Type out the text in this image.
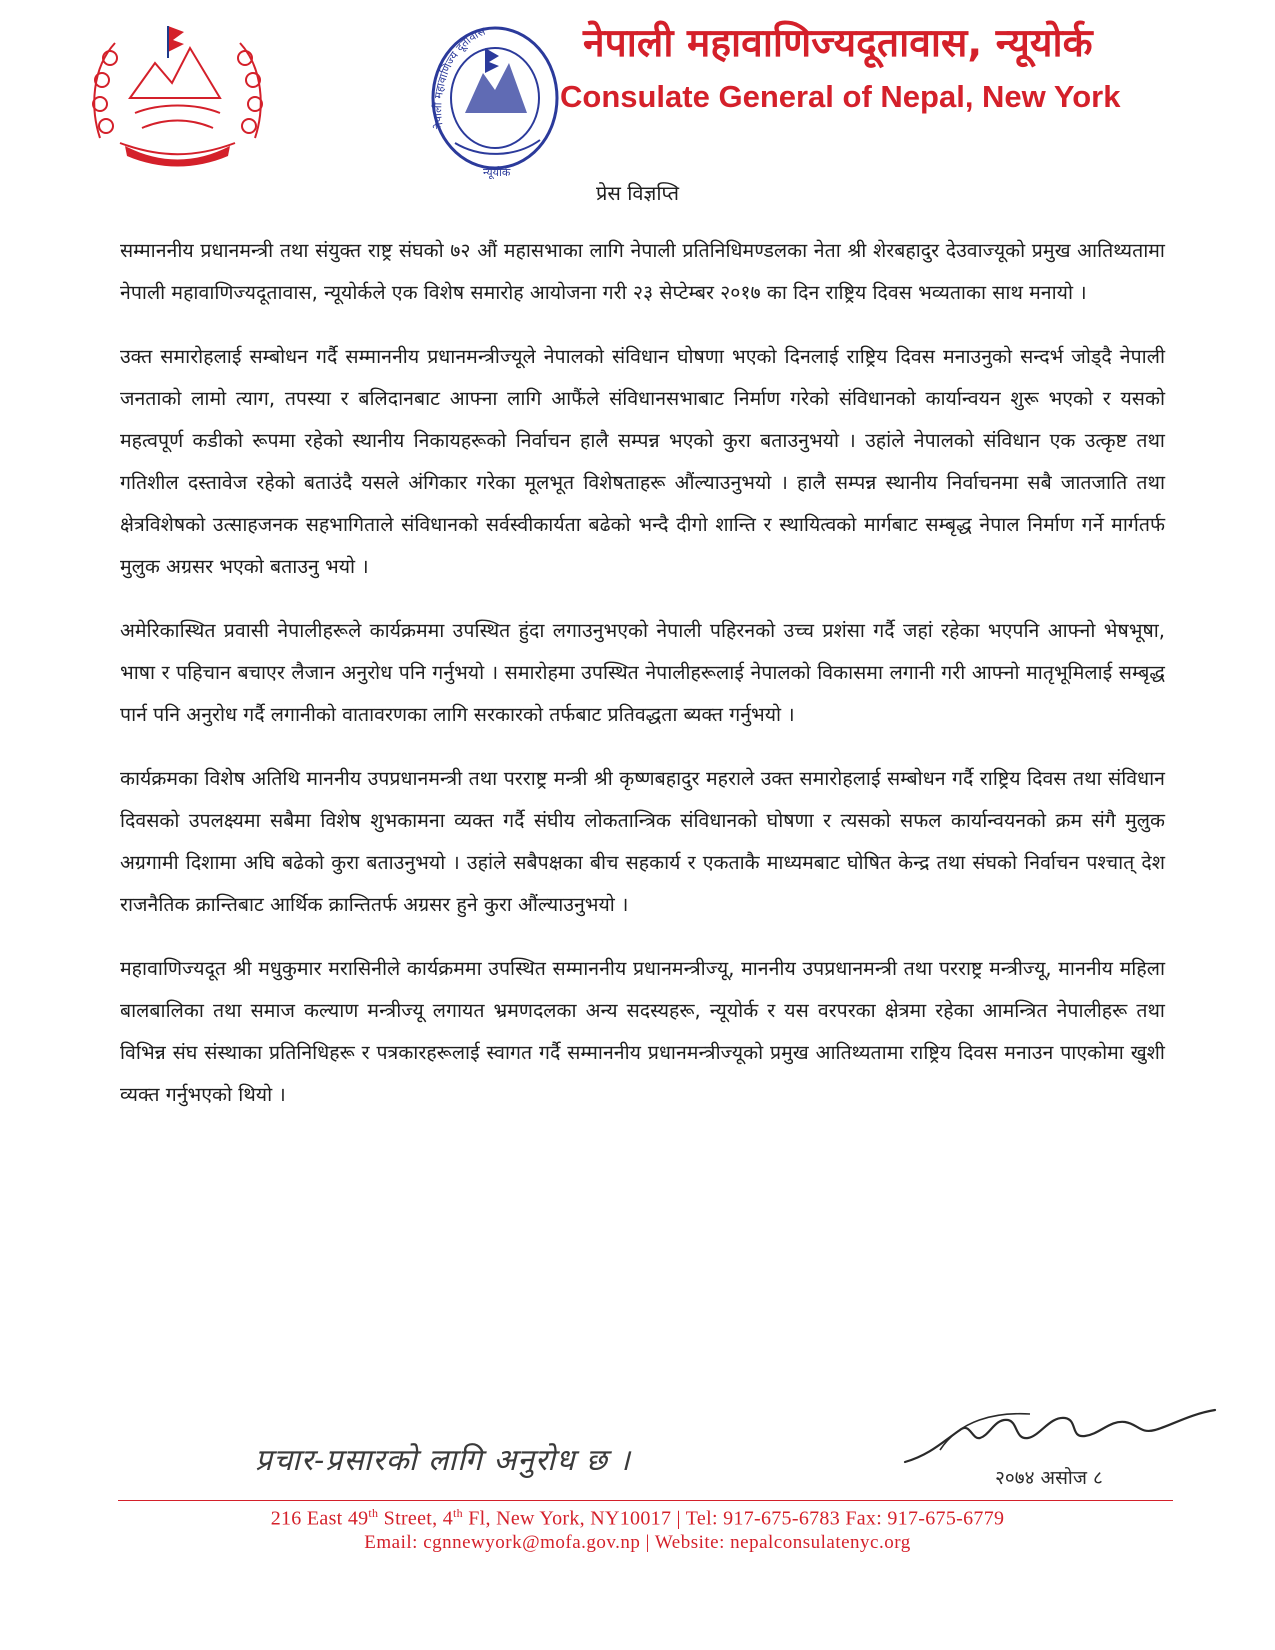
नेपाली महावाणिज्य दूतावास
न्यूयोर्क
नेपाली महावाणिज्यदूतावास, न्यूयोर्क
Consulate General of Nepal, New York
प्रेस विज्ञप्ति

सम्माननीय प्रधानमन्त्री तथा संयुक्त राष्ट्र संघको ७२ औं महासभाका लागि नेपाली प्रतिनिधिमण्डलका नेता श्री शेरबहादुर देउवाज्यूको प्रमुख आतिथ्यतामा नेपाली महावाणिज्यदूतावास, न्यूयोर्कले एक विशेष समारोह आयोजना गरी २३ सेप्टेम्बर २०१७ का दिन राष्ट्रिय दिवस भव्यताका साथ मनायो ।

उक्त समारोहलाई सम्बोधन गर्दै सम्माननीय प्रधानमन्त्रीज्यूले नेपालको संविधान घोषणा भएको दिनलाई राष्ट्रिय दिवस मनाउनुको सन्दर्भ जोड्दै नेपाली जनताको लामो त्याग, तपस्या र बलिदानबाट आफ्ना लागि आफैंले संविधानसभाबाट निर्माण गरेको संविधानको कार्यान्वयन शुरू भएको र यसको महत्वपूर्ण कडीको रूपमा रहेको स्थानीय निकायहरूको निर्वाचन हालै सम्पन्न भएको कुरा बताउनुभयो । उहांले नेपालको संविधान एक उत्कृष्ट तथा गतिशील दस्तावेज रहेको बताउंदै यसले अंगिकार गरेका मूलभूत विशेषताहरू औंल्याउनुभयो । हालै सम्पन्न स्थानीय निर्वाचनमा सबै जातजाति तथा क्षेत्रविशेषको उत्साहजनक सहभागिताले संविधानको सर्वस्वीकार्यता बढेको भन्दै दीगो शान्ति र स्थायित्वको मार्गबाट सम्बृद्ध नेपाल निर्माण गर्ने मार्गतर्फ मुलुक अग्रसर भएको बताउनु भयो ।

अमेरिकास्थित प्रवासी नेपालीहरूले कार्यक्रममा उपस्थित हुंदा लगाउनुभएको नेपाली पहिरनको उच्च प्रशंसा गर्दै जहां रहेका भएपनि आफ्नो भेषभूषा, भाषा र पहिचान बचाएर लैजान अनुरोध पनि गर्नुभयो । समारोहमा उपस्थित नेपालीहरूलाई नेपालको विकासमा लगानी गरी आफ्नो मातृभूमिलाई सम्बृद्ध पार्न पनि अनुरोध गर्दै लगानीको वातावरणका लागि सरकारको तर्फबाट प्रतिवद्धता ब्यक्त गर्नुभयो ।

कार्यक्रमका विशेष अतिथि माननीय उपप्रधानमन्त्री तथा परराष्ट्र मन्त्री श्री कृष्णबहादुर महराले उक्त समारोहलाई सम्बोधन गर्दै राष्ट्रिय दिवस तथा संविधान दिवसको उपलक्ष्यमा सबैमा विशेष शुभकामना व्यक्त गर्दै संघीय लोकतान्त्रिक संविधानको घोषणा र त्यसको सफल कार्यान्वयनको क्रम संगै मुलुक अग्रगामी दिशामा अघि बढेको कुरा बताउनुभयो । उहांले सबैपक्षका बीच सहकार्य र एकताकै माध्यमबाट घोषित केन्द्र तथा संघको निर्वाचन पश्चात् देश राजनैतिक क्रान्तिबाट आर्थिक क्रान्तितर्फ अग्रसर हुने कुरा औंल्याउनुभयो ।

महावाणिज्यदूत श्री मधुकुमार मरासिनीले कार्यक्रममा उपस्थित सम्माननीय प्रधानमन्त्रीज्यू, माननीय उपप्रधानमन्त्री तथा परराष्ट्र मन्त्रीज्यू, माननीय महिला बालबालिका तथा समाज कल्याण मन्त्रीज्यू लगायत भ्रमणदलका अन्य सदस्यहरू, न्यूयोर्क र यस वरपरका क्षेत्रमा रहेका आमन्त्रित नेपालीहरू तथा विभिन्न संघ संस्थाका प्रतिनिधिहरू र पत्रकारहरूलाई स्वागत गर्दै सम्माननीय प्रधानमन्त्रीज्यूको प्रमुख आतिथ्यतामा राष्ट्रिय दिवस मनाउन पाएकोमा खुशी व्यक्त गर्नुभएको थियो ।

प्रचार-प्रसारको लागि अनुरोध छ ।	२०७४ असोज ८
216 East 49th Street, 4th Fl, New York, NY10017 | Tel: 917-675-6783 Fax: 917-675-6779
Email: cgnnewyork@mofa.gov.np | Website: nepalconsulatenyc.org
